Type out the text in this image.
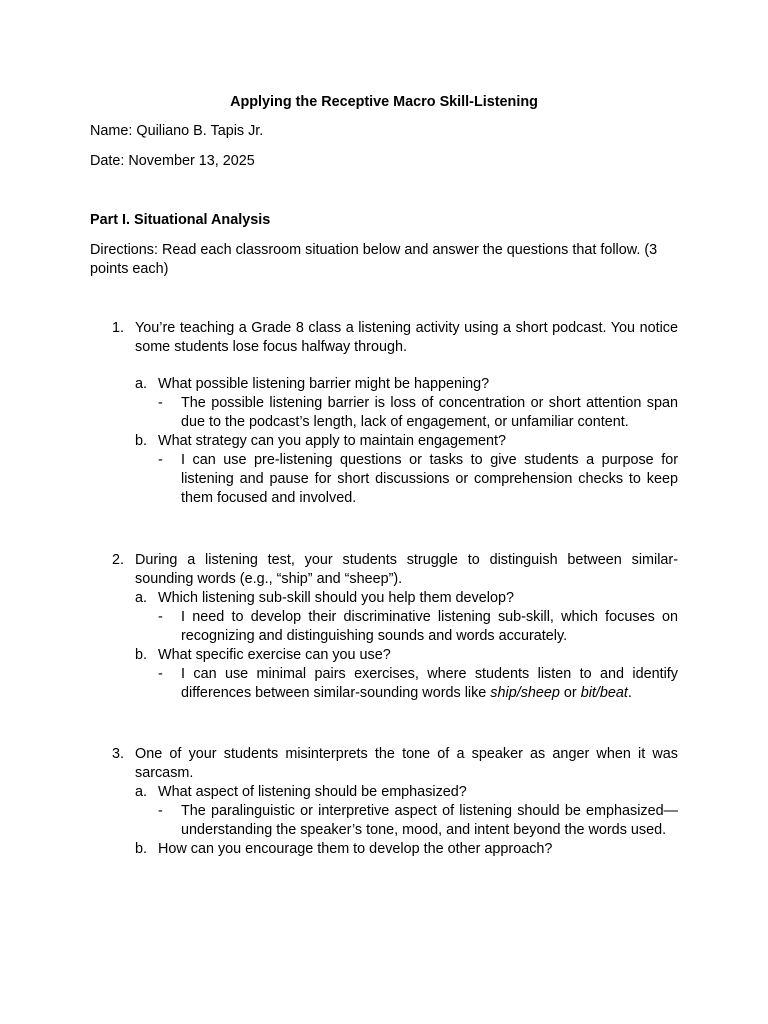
Applying the Receptive Macro Skill-Listening
Name: Quiliano B. Tapis Jr.
Date: November 13, 2025
Part I. Situational Analysis
Directions: Read each classroom situation below and answer the questions that follow. (3 points each)
1. You’re teaching a Grade 8 class a listening activity using a short podcast. You notice some students lose focus halfway through.
a. What possible listening barrier might be happening?
- The possible listening barrier is loss of concentration or short attention span due to the podcast’s length, lack of engagement, or unfamiliar content.
b. What strategy can you apply to maintain engagement?
- I can use pre-listening questions or tasks to give students a purpose for listening and pause for short discussions or comprehension checks to keep them focused and involved.
2. During a listening test, your students struggle to distinguish between similar-sounding words (e.g., “ship” and “sheep”).
a. Which listening sub-skill should you help them develop?
- I need to develop their discriminative listening sub-skill, which focuses on recognizing and distinguishing sounds and words accurately.
b. What specific exercise can you use?
- I can use minimal pairs exercises, where students listen to and identify differences between similar-sounding words like ship/sheep or bit/beat.
3. One of your students misinterprets the tone of a speaker as anger when it was sarcasm.
a. What aspect of listening should be emphasized?
- The paralinguistic or interpretive aspect of listening should be emphasized—understanding the speaker’s tone, mood, and intent beyond the words used.
b. How can you encourage them to develop the other approach?
